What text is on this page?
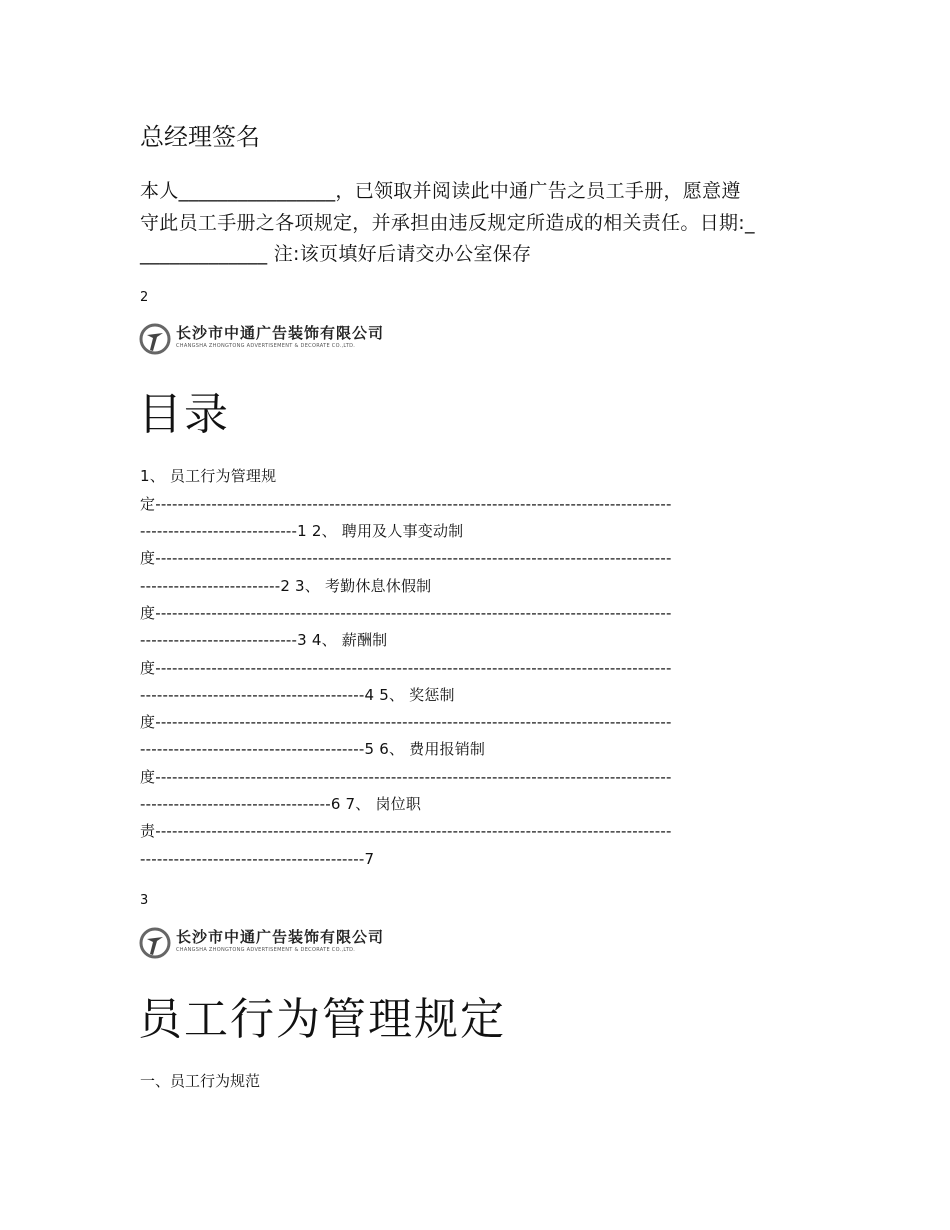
总经理签名
本人________________，已领取并阅读此中通广告之员工手册，愿意遵
守此员工手册之各项规定，并承担由违反规定所造成的相关责任。日期:_
_____________ 注:该页填好后请交办公室保存
2
长沙市中通广告装饰有限公司
CHANGSHA ZHONGTONG ADVERTISEMENT & DECORATE CO.,LTD.
目录
1、 员工行为管理规
定--------------------------------------------------------------------------------------------
----------------------------1 2、 聘用及人事变动制
度--------------------------------------------------------------------------------------------
-------------------------2 3、 考勤休息休假制
度--------------------------------------------------------------------------------------------
----------------------------3 4、 薪酬制
度--------------------------------------------------------------------------------------------
----------------------------------------4 5、 奖惩制
度--------------------------------------------------------------------------------------------
----------------------------------------5 6、 费用报销制
度--------------------------------------------------------------------------------------------
----------------------------------6 7、 岗位职
责--------------------------------------------------------------------------------------------
----------------------------------------7
3
长沙市中通广告装饰有限公司
CHANGSHA ZHONGTONG ADVERTISEMENT & DECORATE CO.,LTD.
员工行为管理规定
一、员工行为规范
